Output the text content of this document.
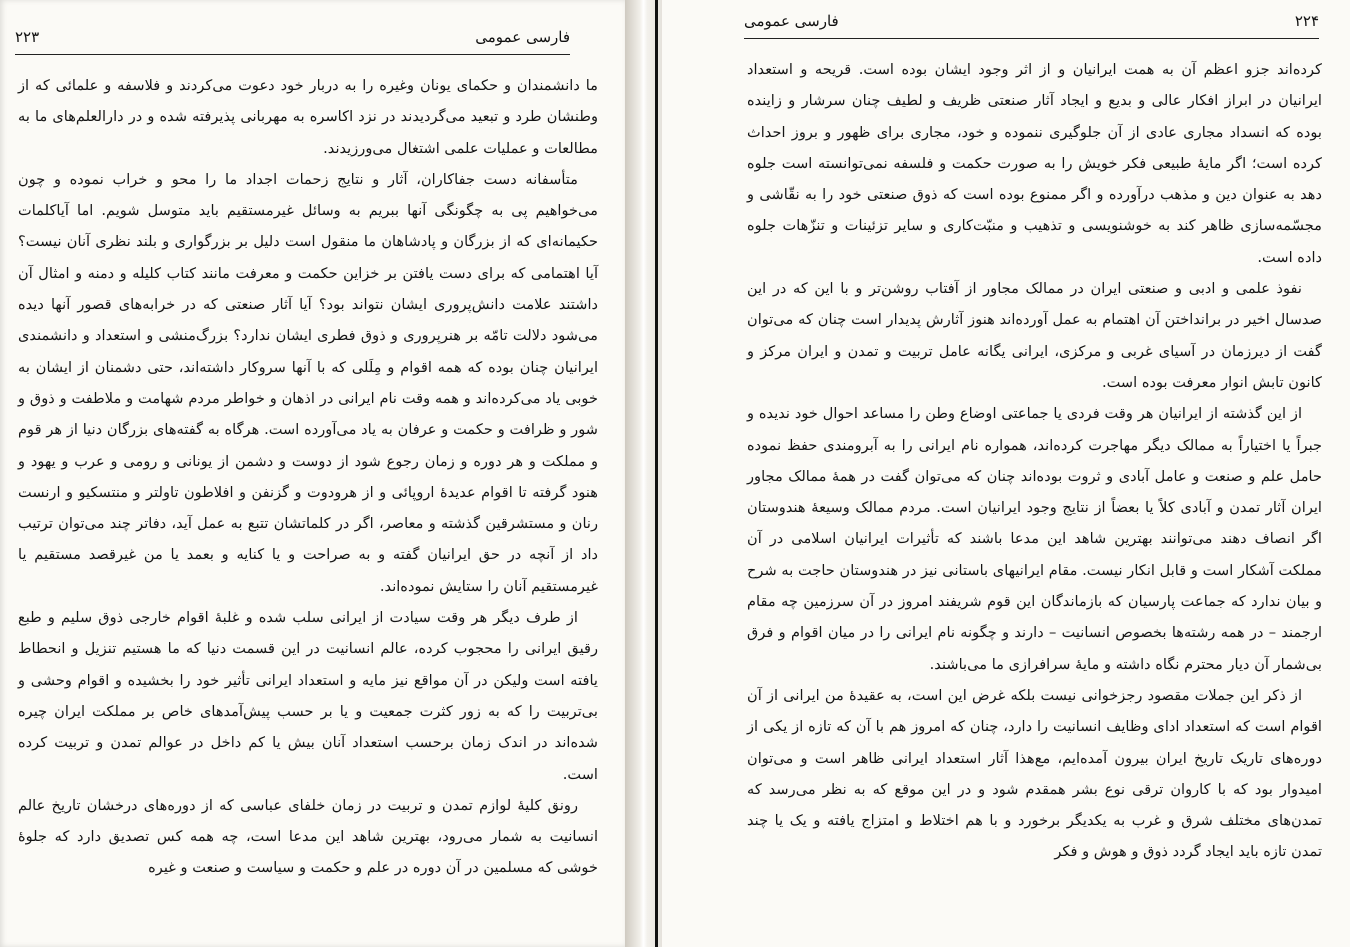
فارسی عمومی
۲۲۳

ما دانشمندان و حکمای یونان وغیره را به دربار خود دعوت می‌کردند و فلاسفه و علمائی که از وطنشان طرد و تبعید می‌گردیدند در نزد اکاسره به مهربانی پذیرفته شده و در دارالعلم‌های ما به مطالعات و عملیات علمی اشتغال می‌ورزیدند.

متأسفانه دست جفاکاران، آثار و نتایج زحمات اجداد ما را محو و خراب نموده و چون می‌خواهیم پی به چگونگی آنها ببریم به وسائل غیرمستقیم باید متوسل شویم. اما آیاکلمات حکیمانه‌ای که از بزرگان و پادشاهان ما منقول است دلیل بر بزرگواری و بلند نظری آنان نیست؟ آیا اهتمامی که برای دست یافتن بر خزاین حکمت و معرفت مانند کتاب کلیله و دمنه و امثال آن داشتند علامت دانش‌پروری ایشان نتواند بود؟ آیا آثار صنعتی که در خرابه‌های قصور آنها دیده می‌شود دلالت تامّه بر هنرپروری و ذوق فطری ایشان ندارد؟ بزرگ‌منشی و استعداد و دانشمندی ایرانیان چنان بوده که همه اقوام و مِلَلی که با آنها سروکار داشته‌اند، حتی دشمنان از ایشان به خوبی یاد می‌کرده‌اند و همه وقت نام ایرانی در اذهان و خواطر مردم شهامت و ملاطفت و ذوق و شور و ظرافت و حکمت و عرفان به یاد می‌آورده است. هرگاه به گفته‌های بزرگان دنیا از هر قوم و مملکت و هر دوره و زمان رجوع شود از دوست و دشمن از یونانی و رومی و عرب و یهود و هنود گرفته تا اقوام عدیدهٔ اروپائی و از هرودوت و گزنفن و افلاطون تا‌ولتر و منتسکیو و ارنست رنان و مستشرقین گذشته و معاصر، اگر در کلماتشان تتبع به عمل آید، دفاتر چند می‌توان ترتیب داد از آنچه در حق ایرانیان گفته و به صراحت و یا کنایه و بعمد یا من غیرقصد مستقیم یا غیرمستقیم آنان را ستایش نموده‌اند.

از طرف دیگر هر وقت سیادت از ایرانی سلب شده و غلبهٔ اقوام خارجی ذوق سلیم و طبع رقیق ایرانی را محجوب کرده، عالم انسانیت در این قسمت دنیا که ما هستیم تنزیل و انحطاط یافته است ولیکن در آن مواقع نیز مایه و استعداد ایرانی تأثیر خود را بخشیده و اقوام وحشی و بی‌تربیت را که به زور کثرت جمعیت و یا بر حسب پیش‌آمدهای خاص بر مملکت ایران چیره شده‌اند در اندک زمان برحسب استعداد آنان بیش یا کم داخل در عوالم تمدن و تربیت کرده است.

رونق کلیهٔ لوازم تمدن و تربیت در زمان خلفای عباسی که از دوره‌های درخشان تاریخ عالم انسانیت به شمار می‌رود، بهترین شاهد این مدعا است، چه همه کس تصدیق دارد که جلوهٔ خوشی که مسلمین در آن دوره در علم و حکمت و سیاست و صنعت و غیره

فارسی عمومی	۲۲۴

کرده‌اند جزو اعظم آن به همت ایرانیان و از اثر وجود ایشان بوده است. قریحه و استعداد ایرانیان در ابراز افکار عالی و بدیع و ایجاد آثار صنعتی ظریف و لطیف چنان سرشار و زاینده بوده که انسداد مجاری عادی از آن جلوگیری ننموده و خود، مجاری برای ظهور و بروز احداث کرده است؛ اگر مایهٔ طبیعی فکر خویش را به صورت حکمت و فلسفه نمی‌توانسته است جلوه دهد به عنوان دین و مذهب درآورده و اگر ممنوع بوده است که ذوق صنعتی خود را به نقّاشی و مجسّمه‌سازی ظاهر کند به خوشنویسی و تذهیب و منبّت‌کاری و سایر تزئینات و تنزّهات جلوه داده است.

نفوذ علمی و ادبی و صنعتی ایران در ممالک مجاور از آفتاب روشن‌تر و با این که در این صدسال اخیر در برانداختن آن اهتمام به عمل آورده‌اند هنوز آثارش پدیدار است چنان که می‌توان گفت از دیرزمان در آسیای غربی و مرکزی، ایرانی یگانه عامل تربیت و تمدن و ایران مرکز و کانون تابش انوار معرفت بوده است.

از این گذشته از ایرانیان هر وقت فردی یا جماعتی اوضاع وطن را مساعد احوال خود ندیده و جبراً یا اختیاراً به ممالک دیگر مهاجرت کرده‌اند، همواره نام ایرانی را به آبرومندی حفظ نموده حامل علم و صنعت و عامل آبادی و ثروت بوده‌اند چنان که می‌توان گفت در همهٔ ممالک مجاور ایران آثار تمدن و آبادی کلاً یا بعضاً از نتایج وجود ایرانیان است. مردم ممالک وسیعهٔ هندوستان اگر انصاف دهند می‌توانند بهترین شاهد این مدعا باشند که تأثیرات ایرانیان اسلامی در آن مملکت آشکار است و قابل انکار نیست. مقام ایرانیهای باستانی نیز در هندوستان حاجت به شرح و بیان ندارد که جماعت پارسیان که بازماندگان این قوم شریفند امروز در آن سرزمین چه مقام ارجمند – در همه رشته‌ها بخصوص انسانیت – دارند و چگونه نام ایرانی را در میان اقوام و فرق بی‌شمار آن دیار محترم نگاه داشته و مایهٔ سرافرازی ما می‌باشند.

از ذکر این جملات مقصود رجزخوانی نیست بلکه غرض این است، به عقیدهٔ من ایرانی از آن اقوام است که استعداد ادای وظایف انسانیت را دارد، چنان که امروز هم با آن که تازه از یکی از دوره‌های تاریک تاریخ ایران بیرون آمده‌ایم، مع‌هذا آثار استعداد ایرانی ظاهر است و می‌توان امیدوار بود که با کاروان ترقی نوع بشر همقدم شود و در این موقع که به نظر می‌رسد که تمدن‌های مختلف شرق و غرب به یکدیگر برخورد و با هم اختلاط و امتزاج یافته و یک یا چند تمدن تازه باید ایجاد گردد ذوق و هوش و فکر
